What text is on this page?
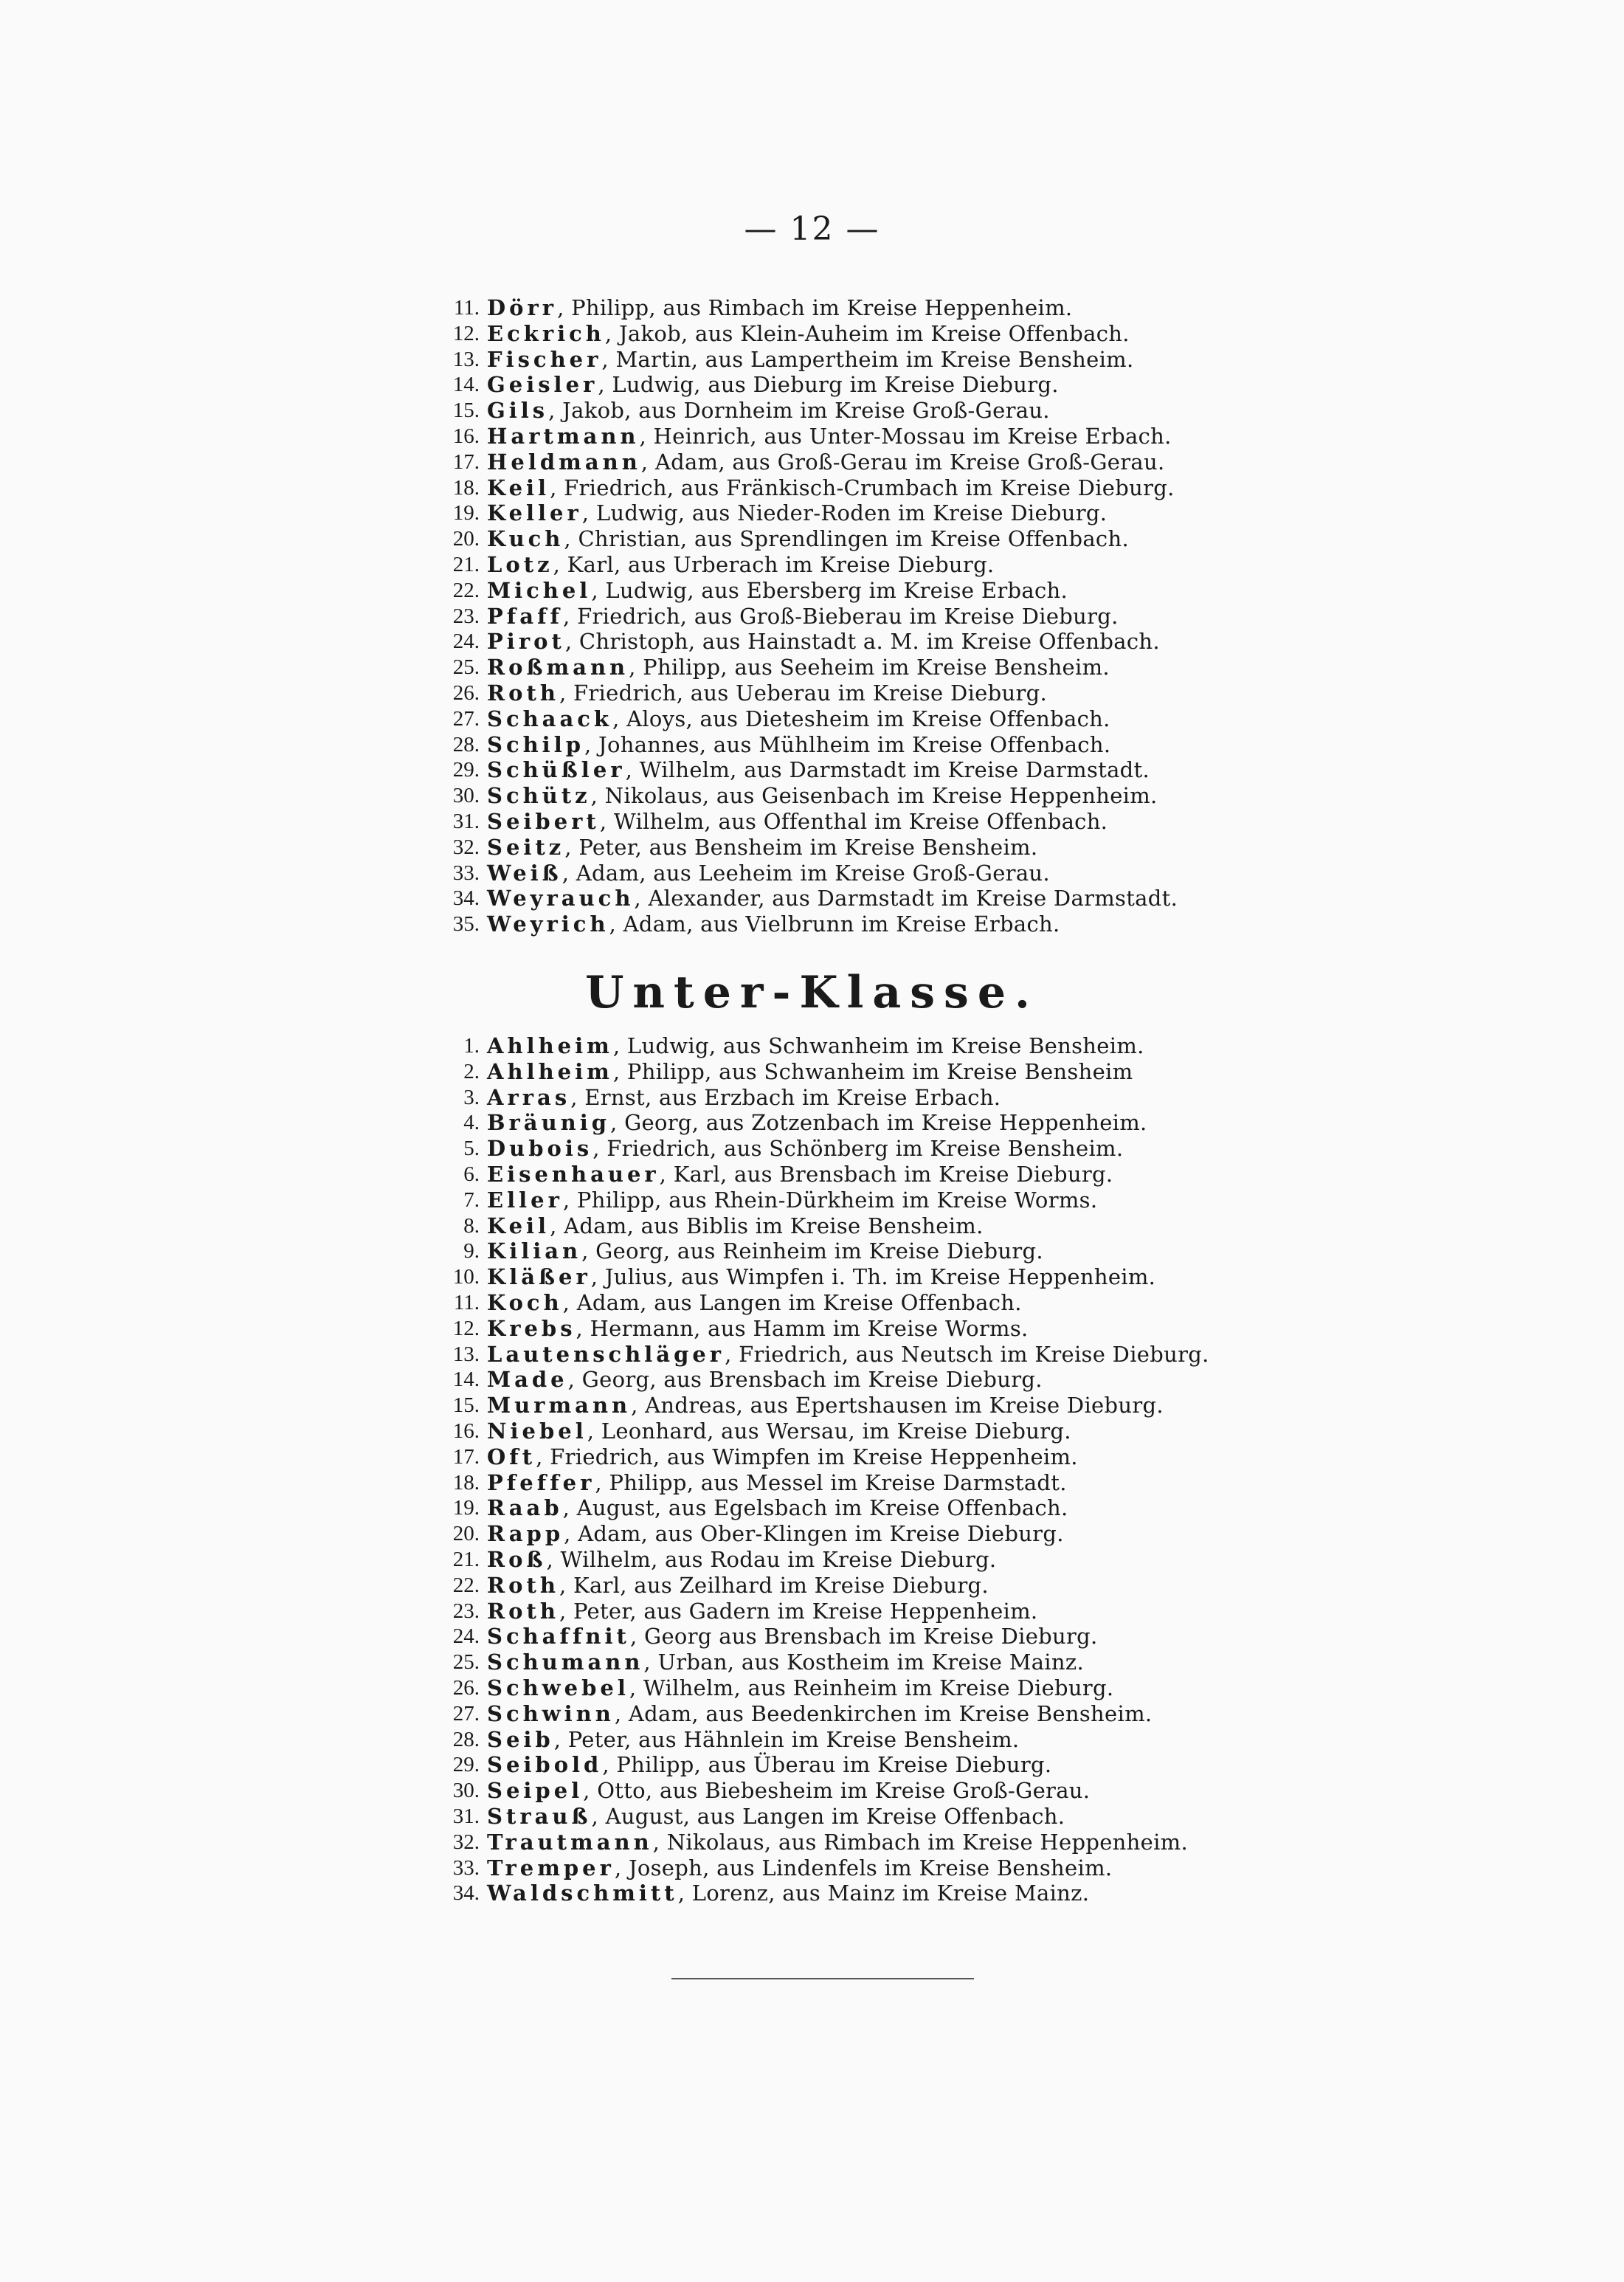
— 12 —
11. Dörr, Philipp, aus Rimbach im Kreise Heppenheim.
12. Eckrich, Jakob, aus Klein-Auheim im Kreise Offenbach.
13. Fischer, Martin, aus Lampertheim im Kreise Bensheim.
14. Geisler, Ludwig, aus Dieburg im Kreise Dieburg.
15. Gils, Jakob, aus Dornheim im Kreise Groß-Gerau.
16. Hartmann, Heinrich, aus Unter-Mossau im Kreise Erbach.
17. Heldmann, Adam, aus Groß-Gerau im Kreise Groß-Gerau.
18. Keil, Friedrich, aus Fränkisch-Crumbach im Kreise Dieburg.
19. Keller, Ludwig, aus Nieder-Roden im Kreise Dieburg.
20. Kuch, Christian, aus Sprendlingen im Kreise Offenbach.
21. Lotz, Karl, aus Urberach im Kreise Dieburg.
22. Michel, Ludwig, aus Ebersberg im Kreise Erbach.
23. Pfaff, Friedrich, aus Groß-Bieberau im Kreise Dieburg.
24. Pirot, Christoph, aus Hainstadt a. M. im Kreise Offenbach.
25. Roßmann, Philipp, aus Seeheim im Kreise Bensheim.
26. Roth, Friedrich, aus Ueberau im Kreise Dieburg.
27. Schaack, Aloys, aus Dietesheim im Kreise Offenbach.
28. Schilp, Johannes, aus Mühlheim im Kreise Offenbach.
29. Schüßler, Wilhelm, aus Darmstadt im Kreise Darmstadt.
30. Schütz, Nikolaus, aus Geisenbach im Kreise Heppenheim.
31. Seibert, Wilhelm, aus Offenthal im Kreise Offenbach.
32. Seitz, Peter, aus Bensheim im Kreise Bensheim.
33. Weiß, Adam, aus Leeheim im Kreise Groß-Gerau.
34. Weyrauch, Alexander, aus Darmstadt im Kreise Darmstadt.
35. Weyrich, Adam, aus Vielbrunn im Kreise Erbach.
Unter-Klasse.
1. Ahlheim, Ludwig, aus Schwanheim im Kreise Bensheim.
2. Ahlheim, Philipp, aus Schwanheim im Kreise Bensheim
3. Arras, Ernst, aus Erzbach im Kreise Erbach.
4. Bräunig, Georg, aus Zotzenbach im Kreise Heppenheim.
5. Dubois, Friedrich, aus Schönberg im Kreise Bensheim.
6. Eisenhauer, Karl, aus Brensbach im Kreise Dieburg.
7. Eller, Philipp, aus Rhein-Dürkheim im Kreise Worms.
8. Keil, Adam, aus Biblis im Kreise Bensheim.
9. Kilian, Georg, aus Reinheim im Kreise Dieburg.
10. Kläßer, Julius, aus Wimpfen i. Th. im Kreise Heppenheim.
11. Koch, Adam, aus Langen im Kreise Offenbach.
12. Krebs, Hermann, aus Hamm im Kreise Worms.
13. Lautenschläger, Friedrich, aus Neutsch im Kreise Dieburg.
14. Made, Georg, aus Brensbach im Kreise Dieburg.
15. Murmann, Andreas, aus Epertshausen im Kreise Dieburg.
16. Niebel, Leonhard, aus Wersau, im Kreise Dieburg.
17. Oft, Friedrich, aus Wimpfen im Kreise Heppenheim.
18. Pfeffer, Philipp, aus Messel im Kreise Darmstadt.
19. Raab, August, aus Egelsbach im Kreise Offenbach.
20. Rapp, Adam, aus Ober-Klingen im Kreise Dieburg.
21. Roß, Wilhelm, aus Rodau im Kreise Dieburg.
22. Roth, Karl, aus Zeilhard im Kreise Dieburg.
23. Roth, Peter, aus Gadern im Kreise Heppenheim.
24. Schaffnit, Georg aus Brensbach im Kreise Dieburg.
25. Schumann, Urban, aus Kostheim im Kreise Mainz.
26. Schwebel, Wilhelm, aus Reinheim im Kreise Dieburg.
27. Schwinn, Adam, aus Beedenkirchen im Kreise Bensheim.
28. Seib, Peter, aus Hähnlein im Kreise Bensheim.
29. Seibold, Philipp, aus Überau im Kreise Dieburg.
30. Seipel, Otto, aus Biebesheim im Kreise Groß-Gerau.
31. Strauß, August, aus Langen im Kreise Offenbach.
32. Trautmann, Nikolaus, aus Rimbach im Kreise Heppenheim.
33. Tremper, Joseph, aus Lindenfels im Kreise Bensheim.
34. Waldschmitt, Lorenz, aus Mainz im Kreise Mainz.
